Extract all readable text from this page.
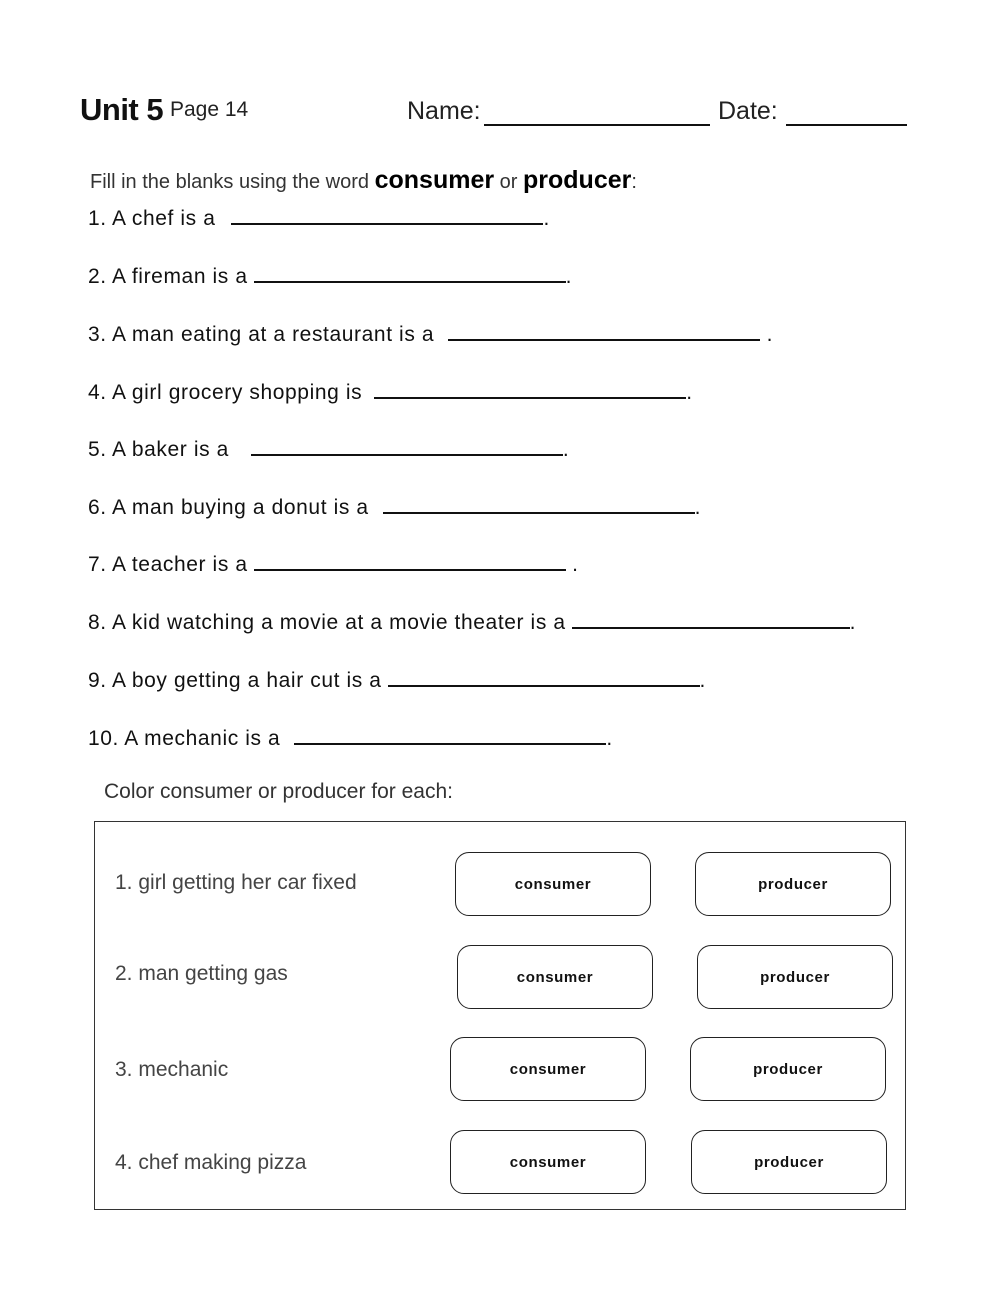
Unit 5 Page 14	Name:	Date:
Fill in the blanks using the word consumer or producer:
1. A chef is a	.
2. A fireman is a	.
3. A man eating at a restaurant is a	.
4. A girl grocery shopping is	.
5. A baker is a	.
6. A man buying a donut is a	.
7. A teacher is a	.
8. A kid watching a movie at a movie theater is a	.
9. A boy getting a hair cut is a	.
10. A mechanic is a	.
Color consumer or producer for each:
1. girl getting her car fixed	consumer	producer
2. man getting gas	consumer	producer
3. mechanic	consumer	producer
4. chef making pizza	consumer	producer
